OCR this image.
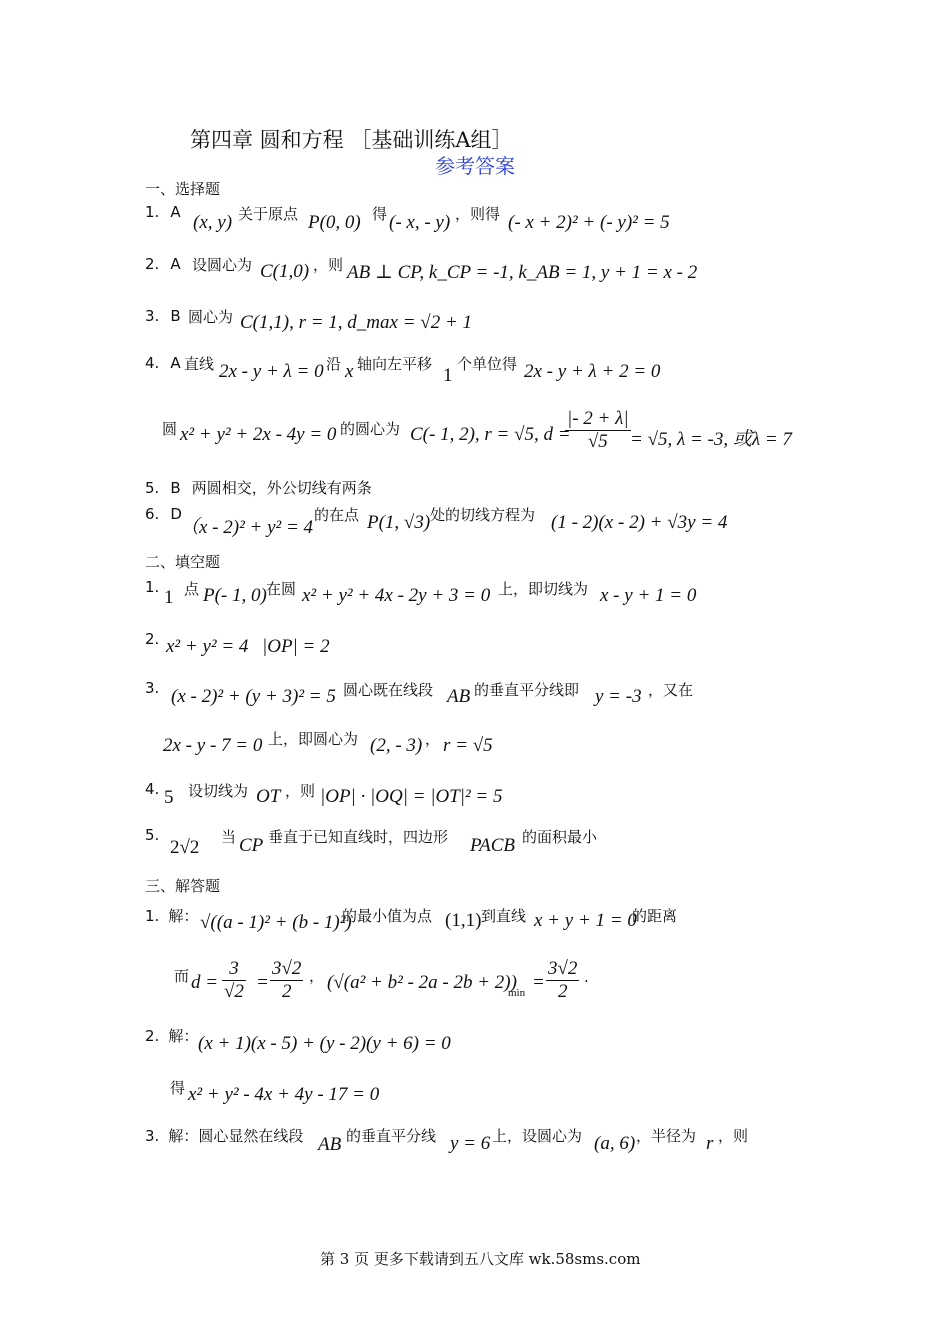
第四章 圆和方程 ［基础训练A组］
参考答案
一、选择题
1. A (x, y) 关于原点 P(0, 0) 得 (- x, - y) ，则得 (- x + 2)² + (- y)² = 5
2. A 设圆心为 C(1,0) ，则 AB ⊥ CP, k_CP = -1, k_AB = 1, y + 1 = x - 2
3. B 圆心为 C(1,1), r = 1, d_max = √2 + 1
4. A 直线 2x - y + λ = 0 沿 x 轴向左平移
1
个单位得 2x - y + λ + 2 = 0
圆 x² + y² + 2x - 4y = 0 的圆心为 C(- 1, 2), r = √5, d =
$\frac{|- 2 + \lambda|}{√5} = √5$, λ = -3, 或λ = 7
5. B 两圆相交，外公切线有两条
6. D
（x - 2)² + y² = 4
的在点 P(1, √3) 处的切线方程为 (1 - 2)(x - 2) + √3y = 4
二、填空题
1. 1 点 P(- 1, 0) 在圆 x² + y² + 4x - 2y + 3 = 0 上，即切线为 x - y + 1 = 0
2. x² + y² = 4 |OP| = 2
3. (x - 2)² + (y + 3)² = 5 圆心既在线段 AB 的垂直平分线即 y = -3 ，又在
2x - y - 7 = 0 上，即圆心为 (2, - 3) ， r = √5
4. 5 设切线为 OT ，则 |OP| · |OQ| = |OT|² = 5
5.
2√2 当 CP 垂直于已知直线时，四边形 PACB 的面积最小
三、解答题
1. 解： √((a - 1)² + (b - 1)²)
的最小值为点 (1,1) 到直线 x + y + 1 = 0
的距离
而 $d = \frac{3}{√2} = \frac{3√2}{2}$ ， (√(a² + b² - 2a - 2b + 2))
$\min = \frac{3√2}{2}$ .
2. 解： (x + 1)(x - 5) + (y - 2)(y + 6) = 0
得 x² + y² - 4x + 4y - 17 = 0
3. 解：圆心显然在线段 AB 的垂直平分线 y = 6 上，设圆心为 (a, 6) ，半径为 r ，则
第 3 页 更多下载请到五八文库 wk.58sms.com
